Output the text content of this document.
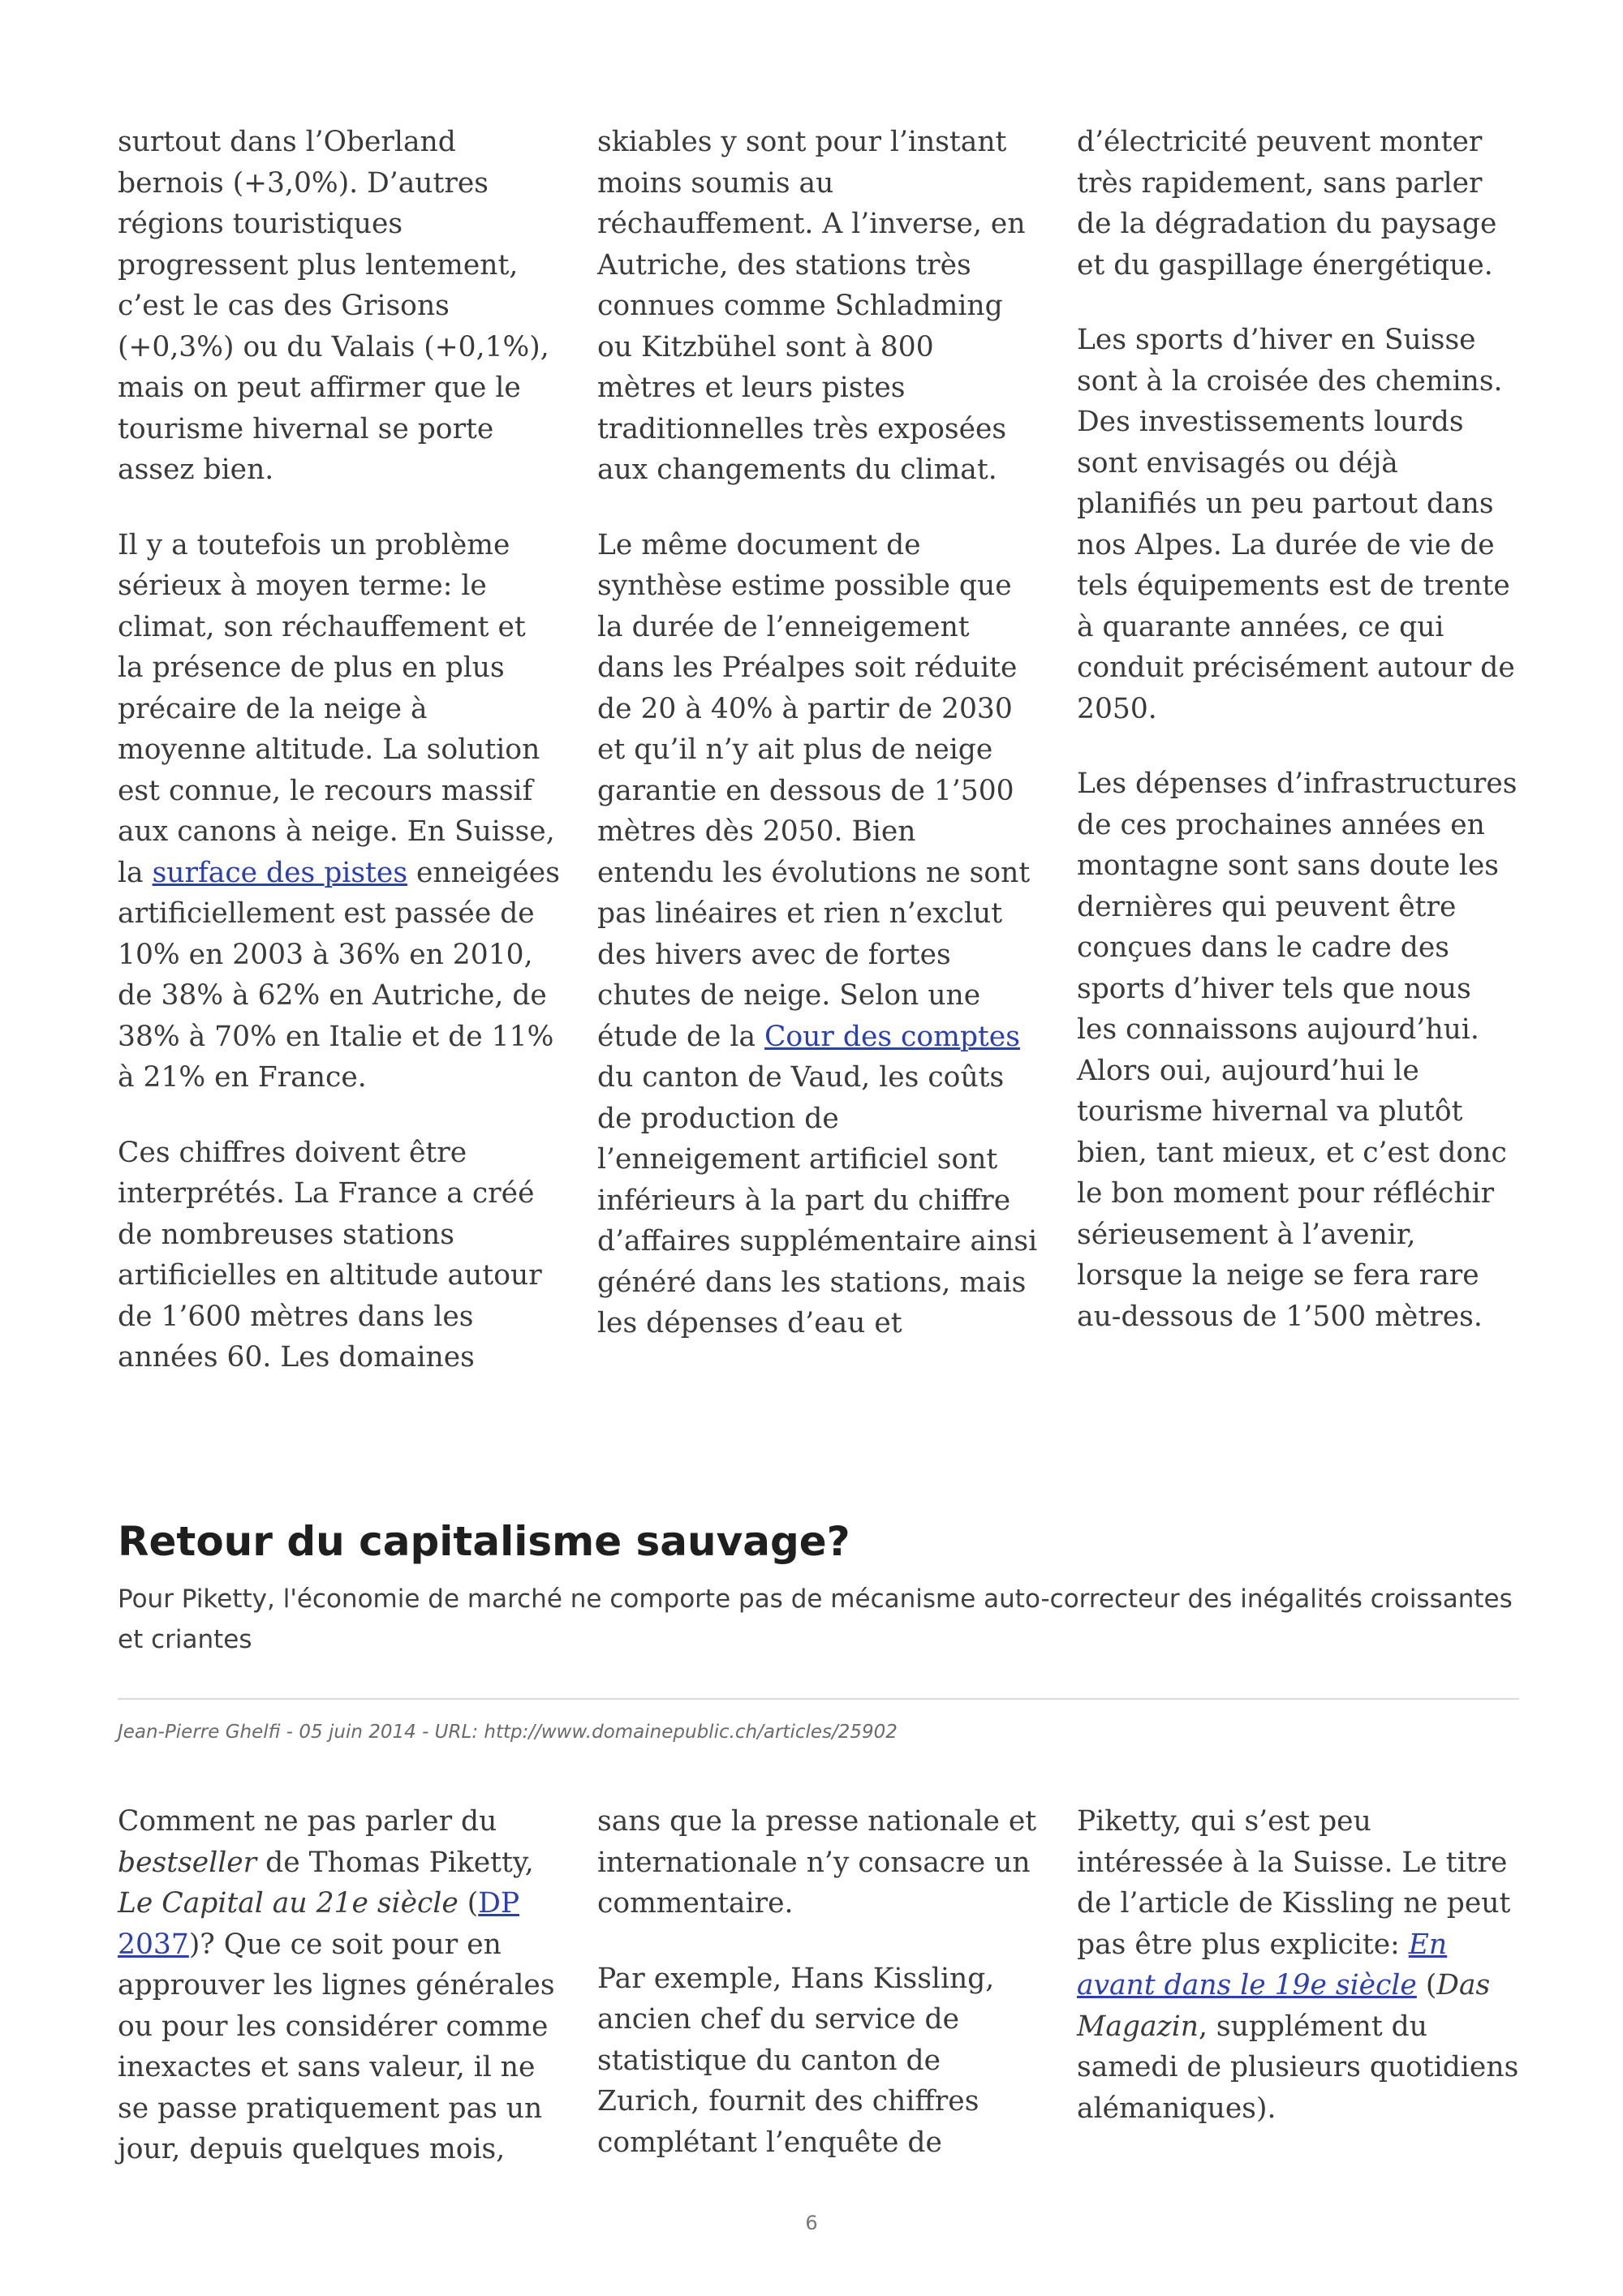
surtout dans l’Oberland bernois (+3,0%). D’autres régions touristiques progressent plus lentement, c’est le cas des Grisons (+0,3%) ou du Valais (+0,1%), mais on peut affirmer que le tourisme hivernal se porte assez bien.

Il y a toutefois un problème sérieux à moyen terme: le climat, son réchauffement et la présence de plus en plus précaire de la neige à moyenne altitude. La solution est connue, le recours massif aux canons à neige. En Suisse, la surface des pistes enneigées artificiellement est passée de 10% en 2003 à 36% en 2010, de 38% à 62% en Autriche, de 38% à 70% en Italie et de 11% à 21% en France.

Ces chiffres doivent être interprétés. La France a créé de nombreuses stations artificielles en altitude autour de 1’600 mètres dans les années 60. Les domaines

skiables y sont pour l’instant moins soumis au réchauffement. A l’inverse, en Autriche, des stations très connues comme Schladming ou Kitzbühel sont à 800 mètres et leurs pistes traditionnelles très exposées aux changements du climat.

Le même document de synthèse estime possible que la durée de l’enneigement dans les Préalpes soit réduite de 20 à 40% à partir de 2030 et qu’il n’y ait plus de neige garantie en dessous de 1’500 mètres dès 2050. Bien entendu les évolutions ne sont pas linéaires et rien n’exclut des hivers avec de fortes chutes de neige. Selon une étude de la Cour des comptes du canton de Vaud, les coûts de production de l’enneigement artificiel sont inférieurs à la part du chiffre d’affaires supplémentaire ainsi généré dans les stations, mais les dépenses d’eau et

d’électricité peuvent monter très rapidement, sans parler de la dégradation du paysage et du gaspillage énergétique.

Les sports d’hiver en Suisse sont à la croisée des chemins. Des investissements lourds sont envisagés ou déjà planifiés un peu partout dans nos Alpes. La durée de vie de tels équipements est de trente à quarante années, ce qui conduit précisément autour de 2050.

Les dépenses d’infrastructures de ces prochaines années en montagne sont sans doute les dernières qui peuvent être conçues dans le cadre des sports d’hiver tels que nous les connaissons aujourd’hui. Alors oui, aujourd’hui le tourisme hivernal va plutôt bien, tant mieux, et c’est donc le bon moment pour réfléchir sérieusement à l’avenir, lorsque la neige se fera rare au-dessous de 1’500 mètres.

Retour du capitalisme sauvage?

Pour Piketty, l'économie de marché ne comporte pas de mécanisme auto-correcteur des inégalités croissantes et criantes

Jean-Pierre Ghelfi - 05 juin 2014 - URL: http://www.domainepublic.ch/articles/25902

Comment ne pas parler du bestseller de Thomas Piketty, Le Capital au 21e siècle (DP 2037)? Que ce soit pour en approuver les lignes générales ou pour les considérer comme inexactes et sans valeur, il ne se passe pratiquement pas un jour, depuis quelques mois,

sans que la presse nationale et internationale n’y consacre un commentaire.

Par exemple, Hans Kissling, ancien chef du service de statistique du canton de Zurich, fournit des chiffres complétant l’enquête de

Piketty, qui s’est peu intéressée à la Suisse. Le titre de l’article de Kissling ne peut pas être plus explicite: En avant dans le 19e siècle (Das Magazin, supplément du samedi de plusieurs quotidiens alémaniques).

6
